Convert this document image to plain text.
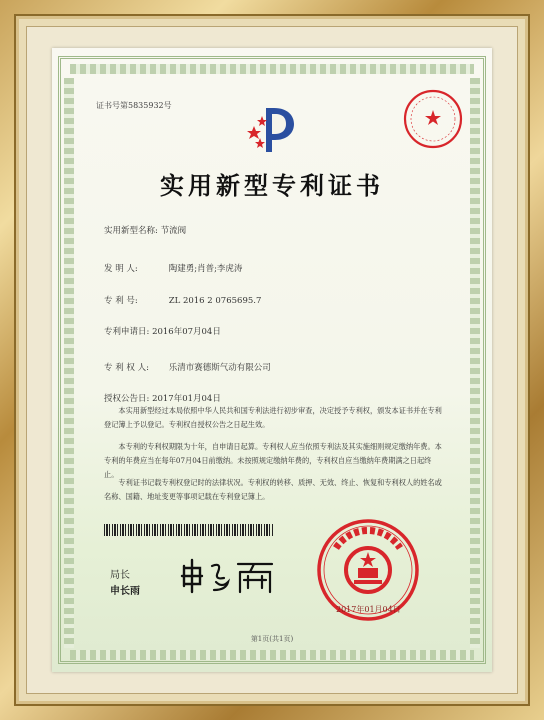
证书号第5835932号
实用新型专利证书
实用新型名称: 节流阀
发 明 人:	陶建勇;肖普;李虎涛
专 利 号:	ZL 2016 2 0765695.7
专利申请日: 2016年07月04日
专 利 权 人: 乐清市赛德斯气动有限公司
授权公告日: 2017年01月04日
本实用新型经过本局依照中华人民共和国专利法进行初步审查，决定授予专利权，颁发本证书并在专利登记簿上予以登记。专利权自授权公告之日起生效。
本专利的专利权期限为十年，自申请日起算。专利权人应当依照专利法及其实施细则规定缴纳年费。本专利的年费应当在每年07月04日前缴纳。未按照规定缴纳年费的，专利权自应当缴纳年费期满之日起终止。
专利证书记载专利权登记时的法律状况。专利权的转移、质押、无效、终止、恢复和专利权人的姓名或名称、国籍、地址变更等事项记载在专利登记簿上。
局长
申长雨
2017年01月04日
第1页(共1页)
